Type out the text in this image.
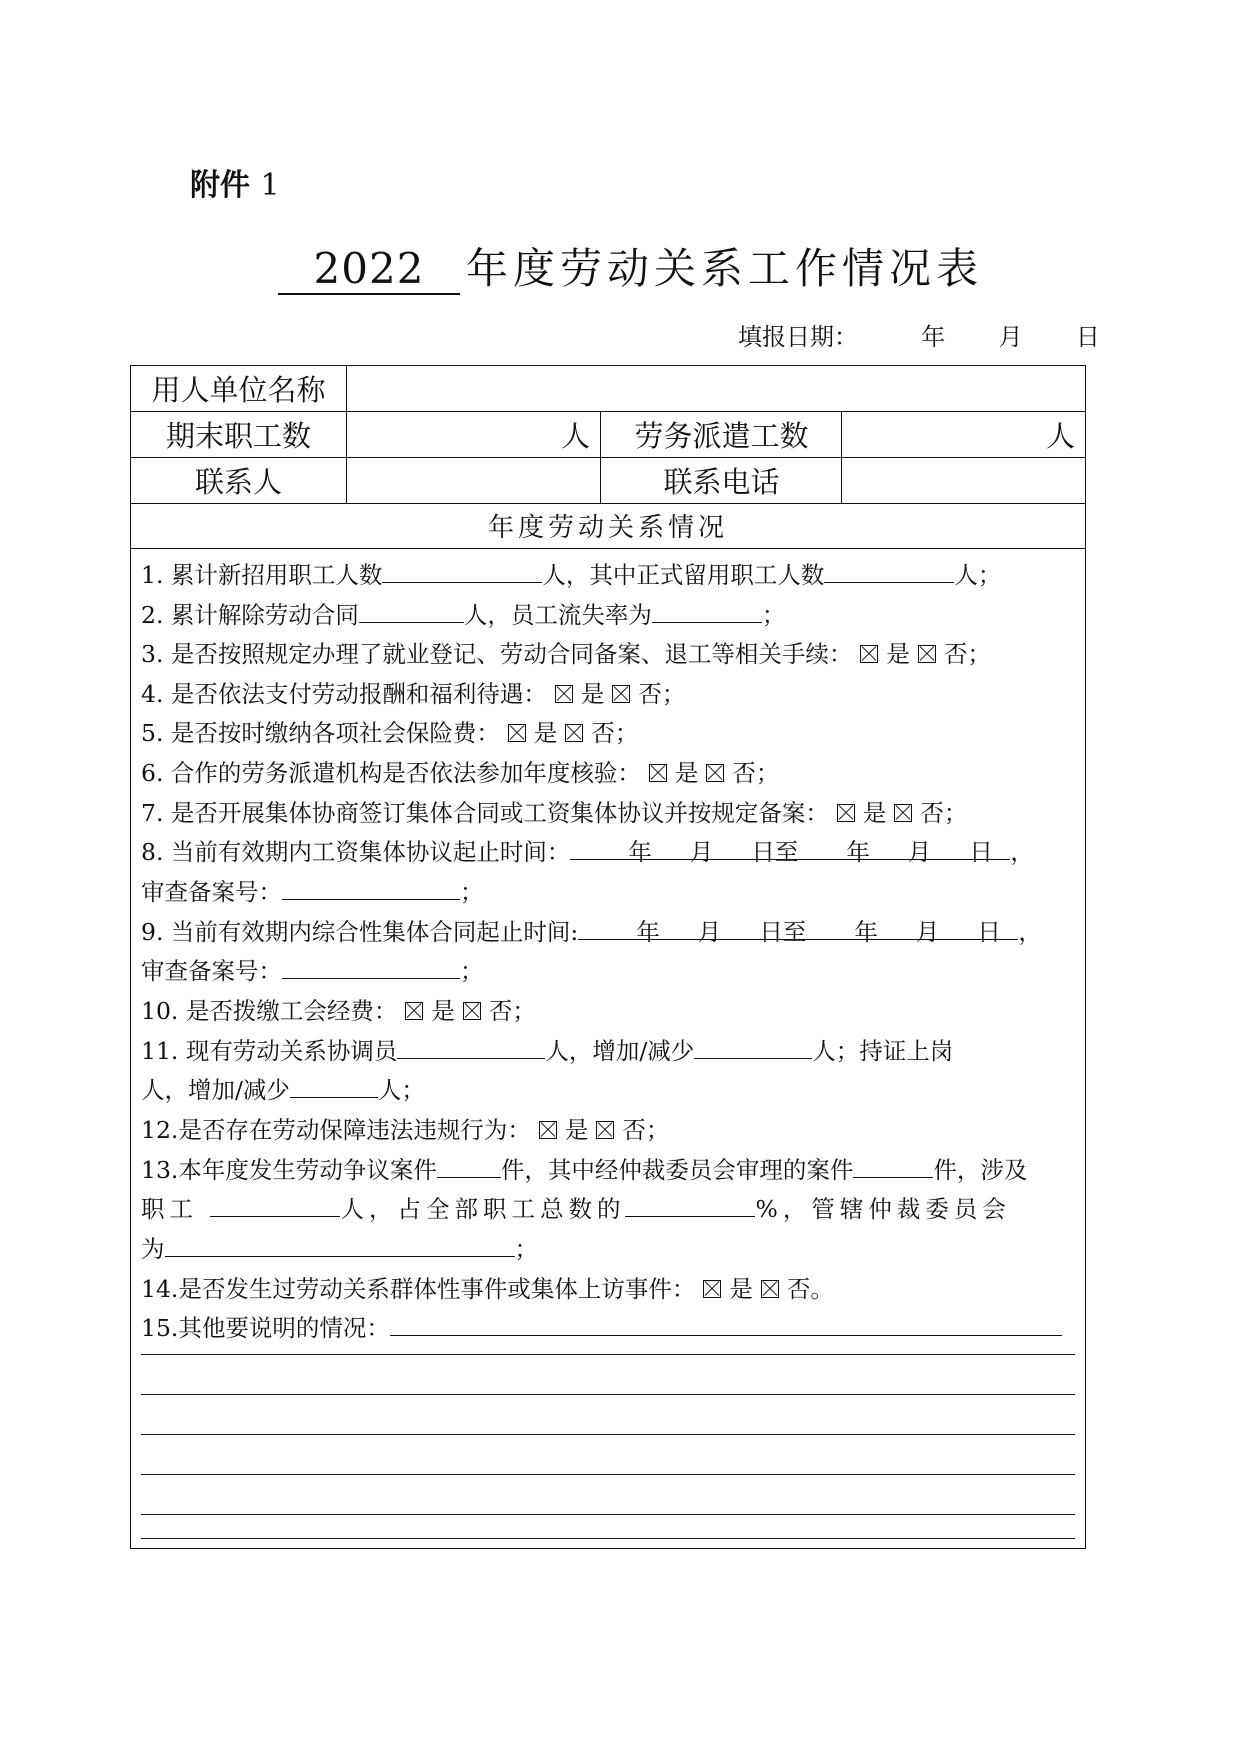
附件 1
2022 年度劳动关系工作情况表
填报日期：	年 月 日
用人单位名称
期末职工数	人	劳务派遣工数	人
联系人	联系电话
年度劳动关系情况
1. 累计新招用职工人数	人，其中正式留用职工人数	人；
2. 累计解除劳动合同	人，员工流失率为	；
3. 是否按照规定办理了就业登记、劳动合同备案、退工等相关手续： 是 否；
4. 是否依法支付劳动报酬和福利待遇： 是 否；
5. 是否按时缴纳各项社会保险费： 是 否；
6. 合作的劳务派遣机构是否依法参加年度核验： 是 否；
7. 是否开展集体协商签订集体合同或工资集体协议并按规定备案： 是 否；
8. 当前有效期内工资集体协议起止时间： 年 月 日至 年 月 日 ，
审查备案号：	；
9. 当前有效期内综合性集体合同起止时间: 年 月 日至 年 月 日 ，
审查备案号：	；
10. 是否拨缴工会经费： 是 否；
11. 现有劳动关系协调员	人，增加/减少	人；持证上岗
人，增加/减少	人；
12.是否存在劳动保障违法违规行为： 是 否；
13.本年度发生劳动争议案件	件，其中经仲裁委员会审理的案件	件，涉及
职工	人，占全部职工总数的	%，管辖仲裁委员会
为	；
14.是否发生过劳动关系群体性事件或集体上访事件： 是 否。
15.其他要说明的情况：
